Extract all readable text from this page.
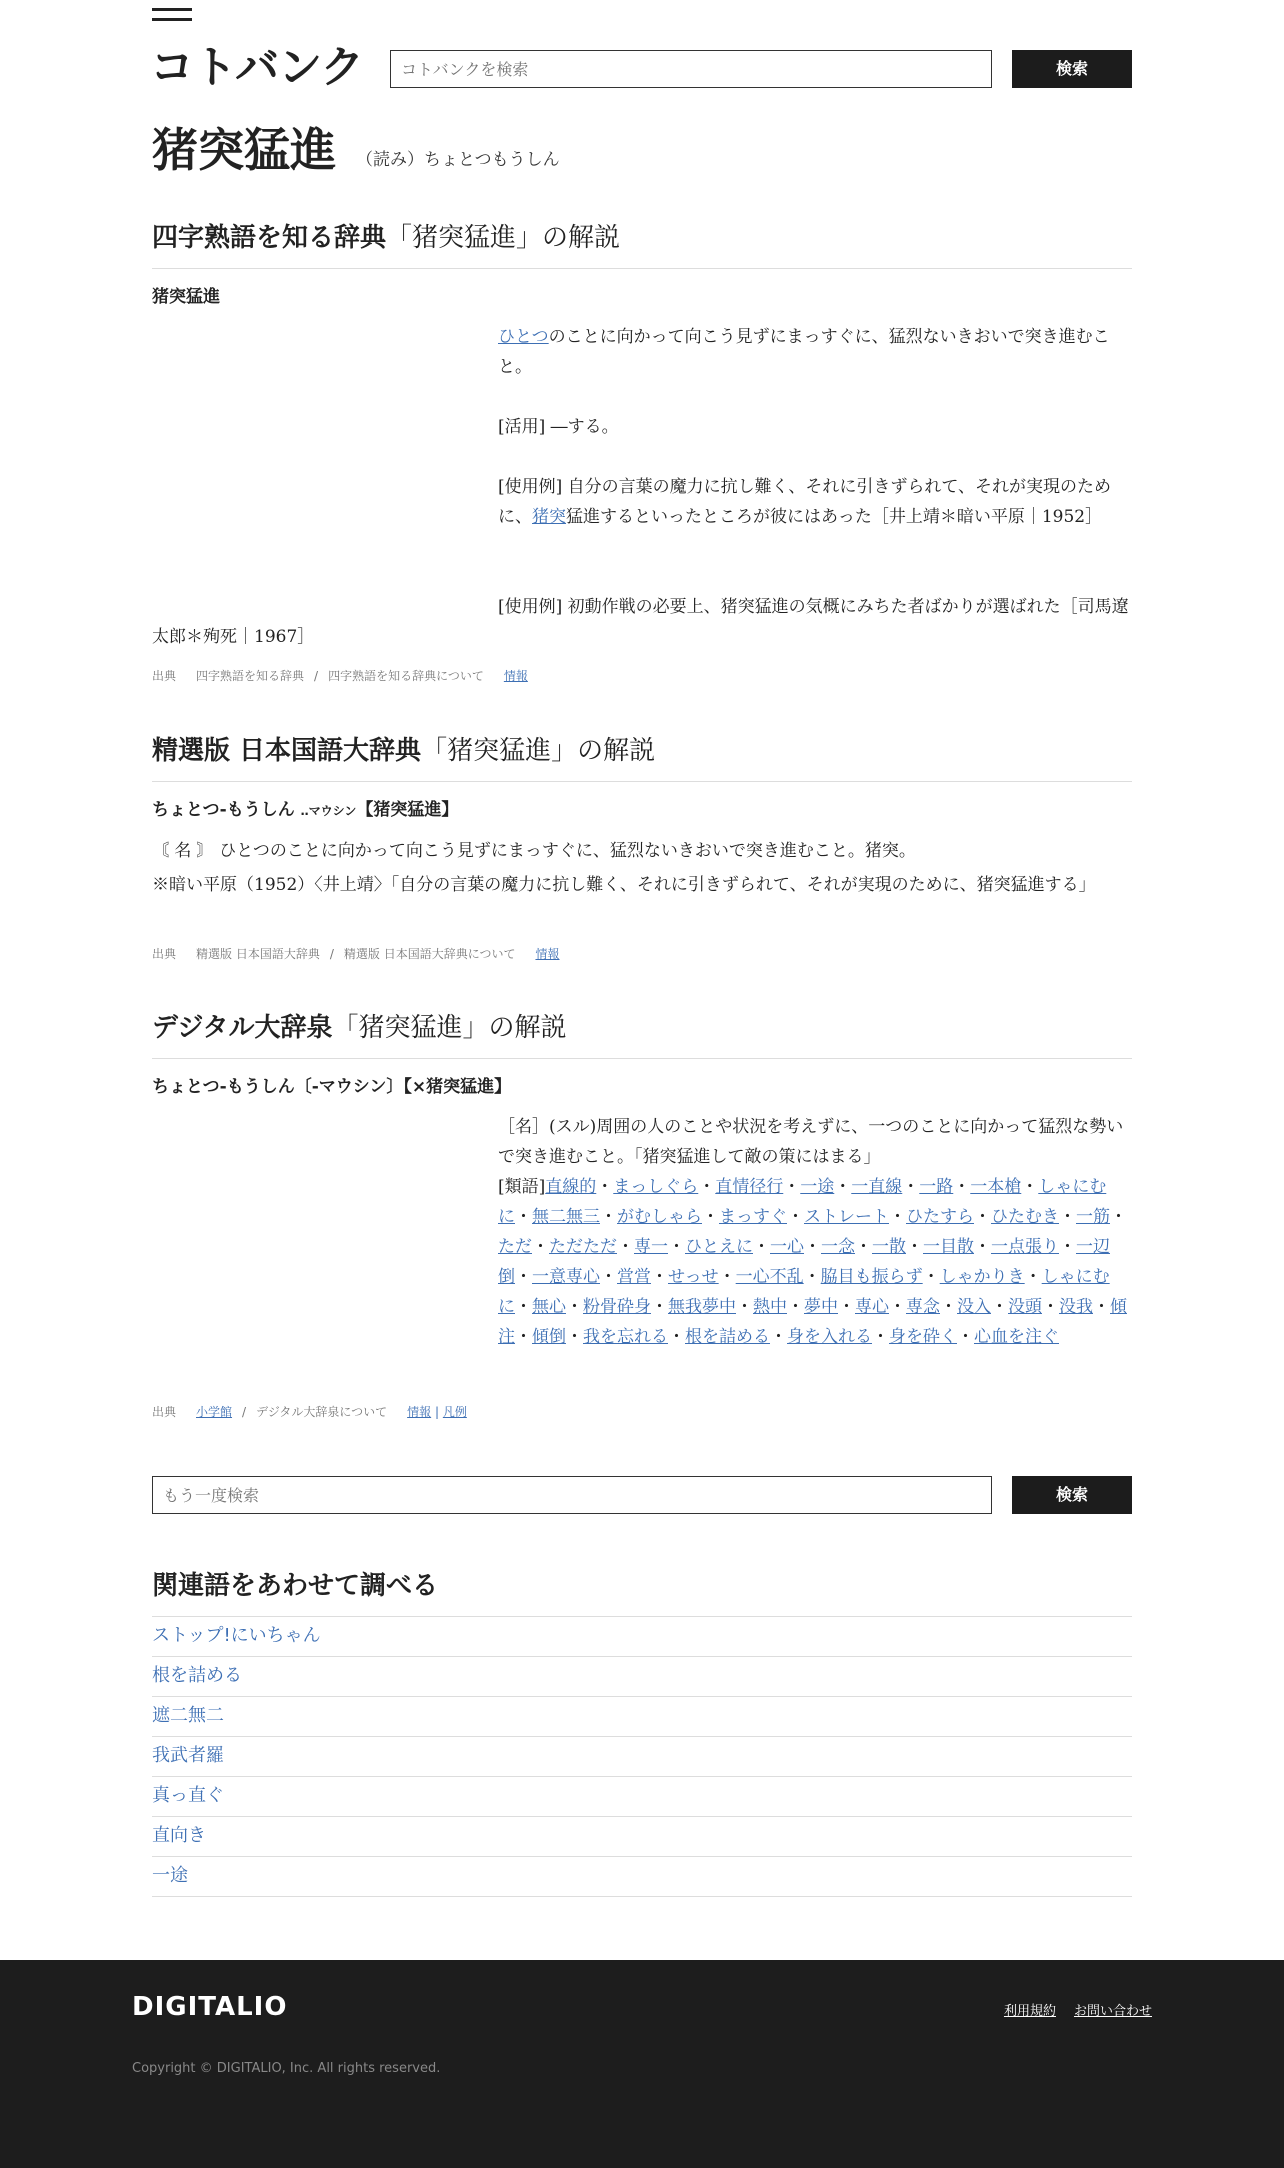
コトバンク
コトバンクを検索	検索
猪突猛進 （読み）ちょとつもうしん
四字熟語を知る辞典「猪突猛進」の解説
猪突猛進
ひとつのことに向かって向こう見ずにまっすぐに、猛烈ないきおいで突き進むこと。
[活用] ―する。
[使用例] 自分の言葉の魔力に抗し難く、それに引きずられて、それが実現のために、猪突猛進するといったところが彼にはあった［井上靖＊暗い平原｜1952］
[使用例] 初動作戦の必要上、猪突猛進の気概にみちた者ばかりが選ばれた［司馬遼太郎＊殉死｜1967］
出典 四字熟語を知る辞典 / 四字熟語を知る辞典について 情報
精選版 日本国語大辞典「猪突猛進」の解説
ちょとつ‐もうしん ‥マウシン【猪突猛進】
〘 名 〙 ひとつのことに向かって向こう見ずにまっすぐに、猛烈ないきおいで突き進むこと。猪突。
※暗い平原（1952）〈井上靖〉「自分の言葉の魔力に抗し難く、それに引きずられて、それが実現のために、猪突猛進する」
出典 精選版 日本国語大辞典 / 精選版 日本国語大辞典について 情報
デジタル大辞泉「猪突猛進」の解説
ちょとつ‐もうしん〔‐マウシン〕【×猪突猛進】
［名］(スル)周囲の人のことや状況を考えずに、一つのことに向かって猛烈な勢いで突き進むこと。「猪突猛進して敵の策にはまる」
[類語]直線的・まっしぐら・直情径行・一途・一直線・一路・一本槍・しゃにむに・無二無三・がむしゃら・まっすぐ・ストレート・ひたすら・ひたむき・一筋・ただ・ただただ・専一・ひとえに・一心・一念・一散・一目散・一点張り・一辺倒・一意専心・営営・せっせ・一心不乱・脇目も振らず・しゃかりき・しゃにむに・無心・粉骨砕身・無我夢中・熱中・夢中・専心・専念・没入・没頭・没我・傾注・傾倒・我を忘れる・根を詰める・身を入れる・身を砕く・心血を注ぐ
出典 小学館 / デジタル大辞泉について 情報 | 凡例
もう一度検索
検索
関連語をあわせて調べる
ストップ!にいちゃん
根を詰める
遮二無二
我武者羅
真っ直ぐ
直向き
一途
DIGITALIO	利用規約 お問い合わせ
Copyright © DIGITALIO, Inc. All rights reserved.
